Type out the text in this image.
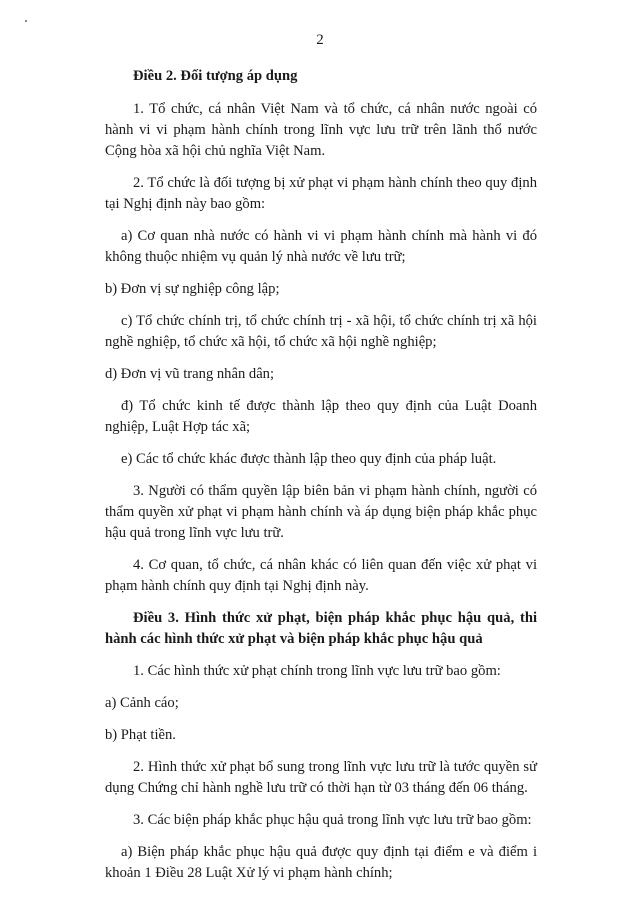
2

Điều 2. Đối tượng áp dụng

1. Tổ chức, cá nhân Việt Nam và tổ chức, cá nhân nước ngoài có hành vi vi phạm hành chính trong lĩnh vực lưu trữ trên lãnh thổ nước Cộng hòa xã hội chủ nghĩa Việt Nam.

2. Tổ chức là đối tượng bị xử phạt vi phạm hành chính theo quy định tại Nghị định này bao gồm:

a) Cơ quan nhà nước có hành vi vi phạm hành chính mà hành vi đó không thuộc nhiệm vụ quản lý nhà nước về lưu trữ;

b) Đơn vị sự nghiệp công lập;

c) Tổ chức chính trị, tổ chức chính trị - xã hội, tổ chức chính trị xã hội nghề nghiệp, tổ chức xã hội, tổ chức xã hội nghề nghiệp;

d) Đơn vị vũ trang nhân dân;

đ) Tổ chức kinh tế được thành lập theo quy định của Luật Doanh nghiệp, Luật Hợp tác xã;

e) Các tổ chức khác được thành lập theo quy định của pháp luật.

3. Người có thẩm quyền lập biên bản vi phạm hành chính, người có thẩm quyền xử phạt vi phạm hành chính và áp dụng biện pháp khắc phục hậu quả trong lĩnh vực lưu trữ.

4. Cơ quan, tổ chức, cá nhân khác có liên quan đến việc xử phạt vi phạm hành chính quy định tại Nghị định này.

Điều 3. Hình thức xử phạt, biện pháp khắc phục hậu quả, thi hành các hình thức xử phạt và biện pháp khắc phục hậu quả

1. Các hình thức xử phạt chính trong lĩnh vực lưu trữ bao gồm:

a) Cảnh cáo;

b) Phạt tiền.

2. Hình thức xử phạt bổ sung trong lĩnh vực lưu trữ là tước quyền sử dụng Chứng chỉ hành nghề lưu trữ có thời hạn từ 03 tháng đến 06 tháng.

3. Các biện pháp khắc phục hậu quả trong lĩnh vực lưu trữ bao gồm:

a) Biện pháp khắc phục hậu quả được quy định tại điểm e và điểm i khoản 1 Điều 28 Luật Xử lý vi phạm hành chính;
